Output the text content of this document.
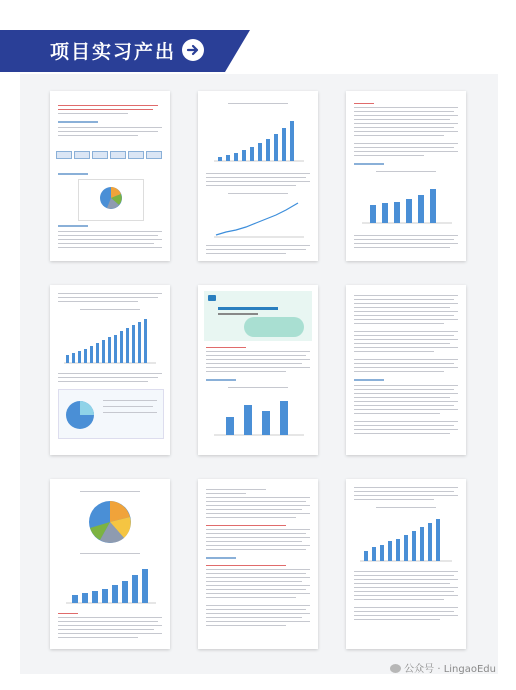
项目实习产出
公众号 · LingaoEdu
